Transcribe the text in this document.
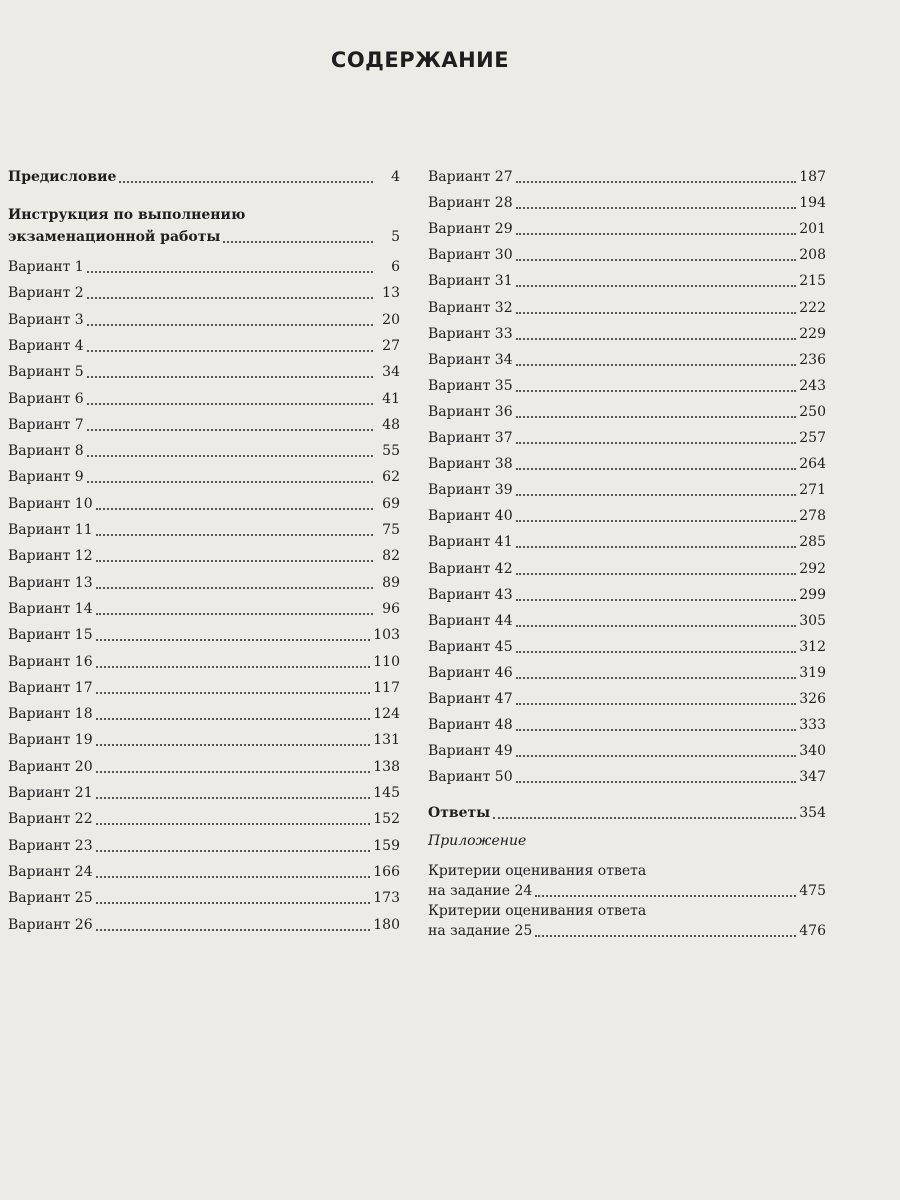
СОДЕРЖАНИЕ
Предисловие	4
Инструкция по выполнению
экзаменационной работы	5
Вариант 1	6
Вариант 2	13
Вариант 3	20
Вариант 4	27
Вариант 5	34
Вариант 6	41
Вариант 7	48
Вариант 8	55
Вариант 9	62
Вариант 10	69
Вариант 11	75
Вариант 12	82
Вариант 13	89
Вариант 14	96
Вариант 15	103
Вариант 16	110
Вариант 17	117
Вариант 18	124
Вариант 19	131
Вариант 20	138
Вариант 21	145
Вариант 22	152
Вариант 23	159
Вариант 24	166
Вариант 25	173
Вариант 26	180
Вариант 27	187
Вариант 28	194
Вариант 29	201
Вариант 30	208
Вариант 31	215
Вариант 32	222
Вариант 33	229
Вариант 34	236
Вариант 35	243
Вариант 36	250
Вариант 37	257
Вариант 38	264
Вариант 39	271
Вариант 40	278
Вариант 41	285
Вариант 42	292
Вариант 43	299
Вариант 44	305
Вариант 45	312
Вариант 46	319
Вариант 47	326
Вариант 48	333
Вариант 49	340
Вариант 50	347
Ответы	354
Приложение
Критерии оценивания ответа
на задание 24	475
Критерии оценивания ответа
на задание 25	476
